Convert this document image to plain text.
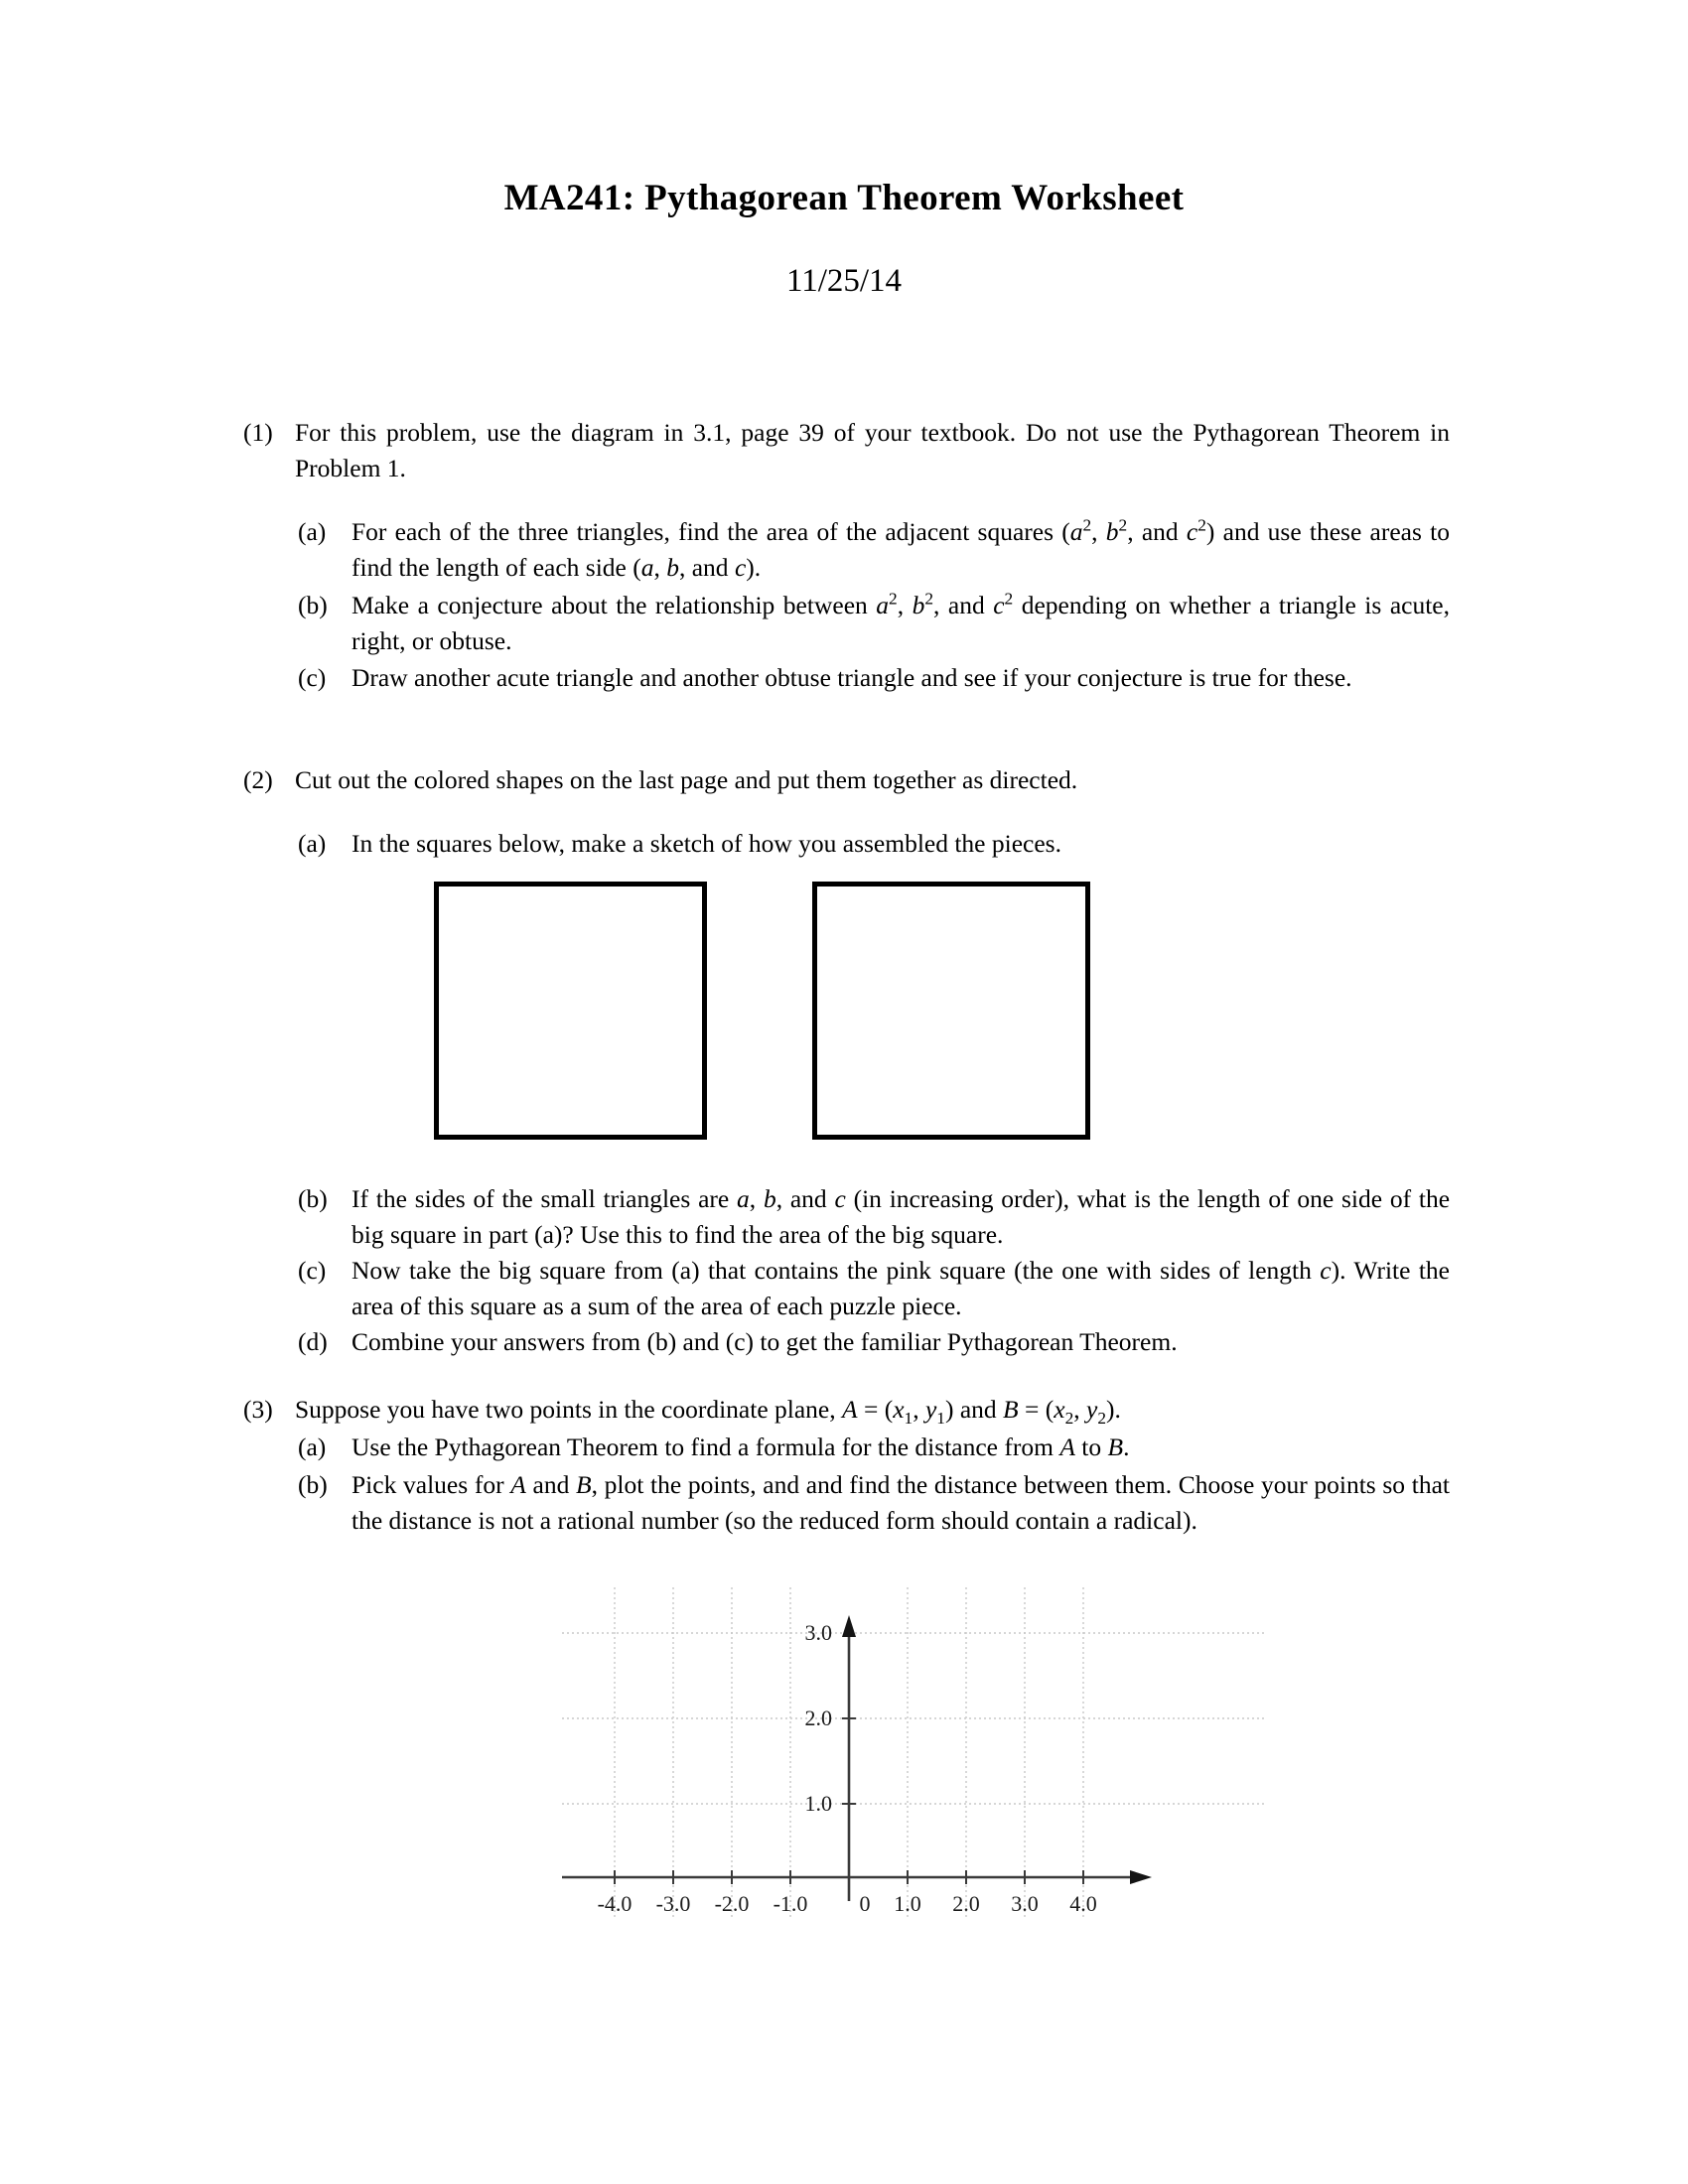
MA241: Pythagorean Theorem Worksheet
11/25/14
(1) For this problem, use the diagram in 3.1, page 39 of your textbook. Do not use the Pythagorean Theorem in Problem 1.
(a)	For each of the three triangles, find the area of the adjacent squares ($a^2$, $b^2$, and $c^2$) and use these areas to find the length of each side (a, b, and c).
(b) Make a conjecture about the relationship between $a^2$, $b^2$, and $c^2$ depending on whether a triangle is acute, right, or obtuse.
(c)	Draw another acute triangle and another obtuse triangle and see if your conjecture is true for these.
(2) Cut out the colored shapes on the last page and put them together as directed.
(a)	In the squares below, make a sketch of how you assembled the pieces.
(b) If the sides of the small triangles are a, b, and c (in increasing order), what is the length of one side of the big square in part (a)? Use this to find the area of the big square.
(c)	Now take the big square from (a) that contains the pink square (the one with sides of length c). Write the area of this square as a sum of the area of each puzzle piece.
(d) Combine your answers from (b) and (c) to get the familiar Pythagorean Theorem.
(3) Suppose you have two points in the coordinate plane, $A = (x_1$, $y_1$) and $B = (x_2$, $y_2$).
(a)	Use the Pythagorean Theorem to find a formula for the distance from A to B.
(b) Pick values for A and B, plot the points, and and find the distance between them. Choose your points so that the distance is not a rational number (so the reduced form should contain a radical).
-4.0 -3.0 -2.0 -1.0 0 1.0 2.0 3.0 4.0
1.0
2.0
3.0
